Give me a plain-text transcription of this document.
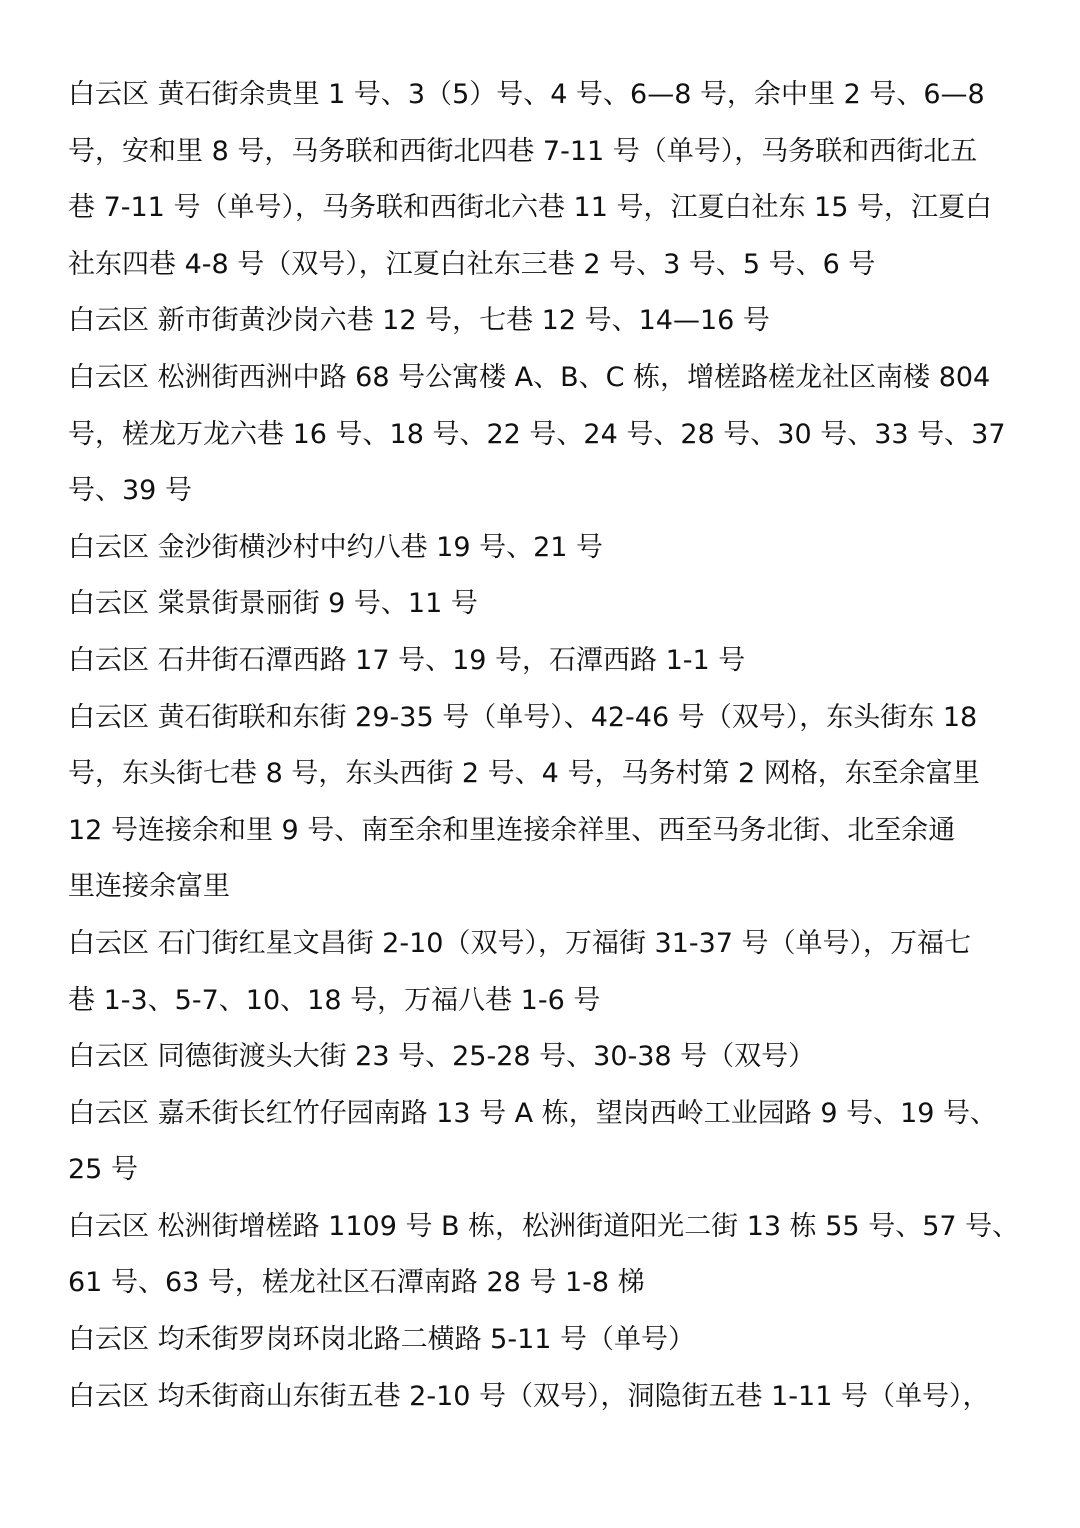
白云区 黄石街余贵里 1 号、3（5）号、4 号、6—8 号，余中里 2 号、6—8
号，安和里 8 号，马务联和西街北四巷 7-11 号（单号），马务联和西街北五
巷 7-11 号（单号），马务联和西街北六巷 11 号，江夏白社东 15 号，江夏白
社东四巷 4-8 号（双号），江夏白社东三巷 2 号、3 号、5 号、6 号
白云区 新市街黄沙岗六巷 12 号，七巷 12 号、14—16 号
白云区 松洲街西洲中路 68 号公寓楼 A、B、C 栋，增槎路槎龙社区南楼 804
号，槎龙万龙六巷 16 号、18 号、22 号、24 号、28 号、30 号、33 号、37
号、39 号
白云区 金沙街横沙村中约八巷 19 号、21 号
白云区 棠景街景丽街 9 号、11 号
白云区 石井街石潭西路 17 号、19 号，石潭西路 1-1 号
白云区 黄石街联和东街 29-35 号（单号）、42-46 号（双号），东头街东 18
号，东头街七巷 8 号，东头西街 2 号、4 号，马务村第 2 网格，东至余富里
12 号连接余和里 9 号、南至余和里连接余祥里、西至马务北街、北至余通
里连接余富里
白云区 石门街红星文昌街 2-10（双号），万福街 31-37 号（单号），万福七
巷 1-3、5-7、10、18 号，万福八巷 1-6 号
白云区 同德街渡头大街 23 号、25-28 号、30-38 号（双号）
白云区 嘉禾街长红竹仔园南路 13 号 A 栋，望岗西岭工业园路 9 号、19 号、
25 号
白云区 松洲街增槎路 1109 号 B 栋，松洲街道阳光二街 13 栋 55 号、57 号、
61 号、63 号，槎龙社区石潭南路 28 号 1-8 梯
白云区 均禾街罗岗环岗北路二横路 5-11 号（单号）
白云区 均禾街商山东街五巷 2-10 号（双号），洞隐街五巷 1-11 号（单号），
